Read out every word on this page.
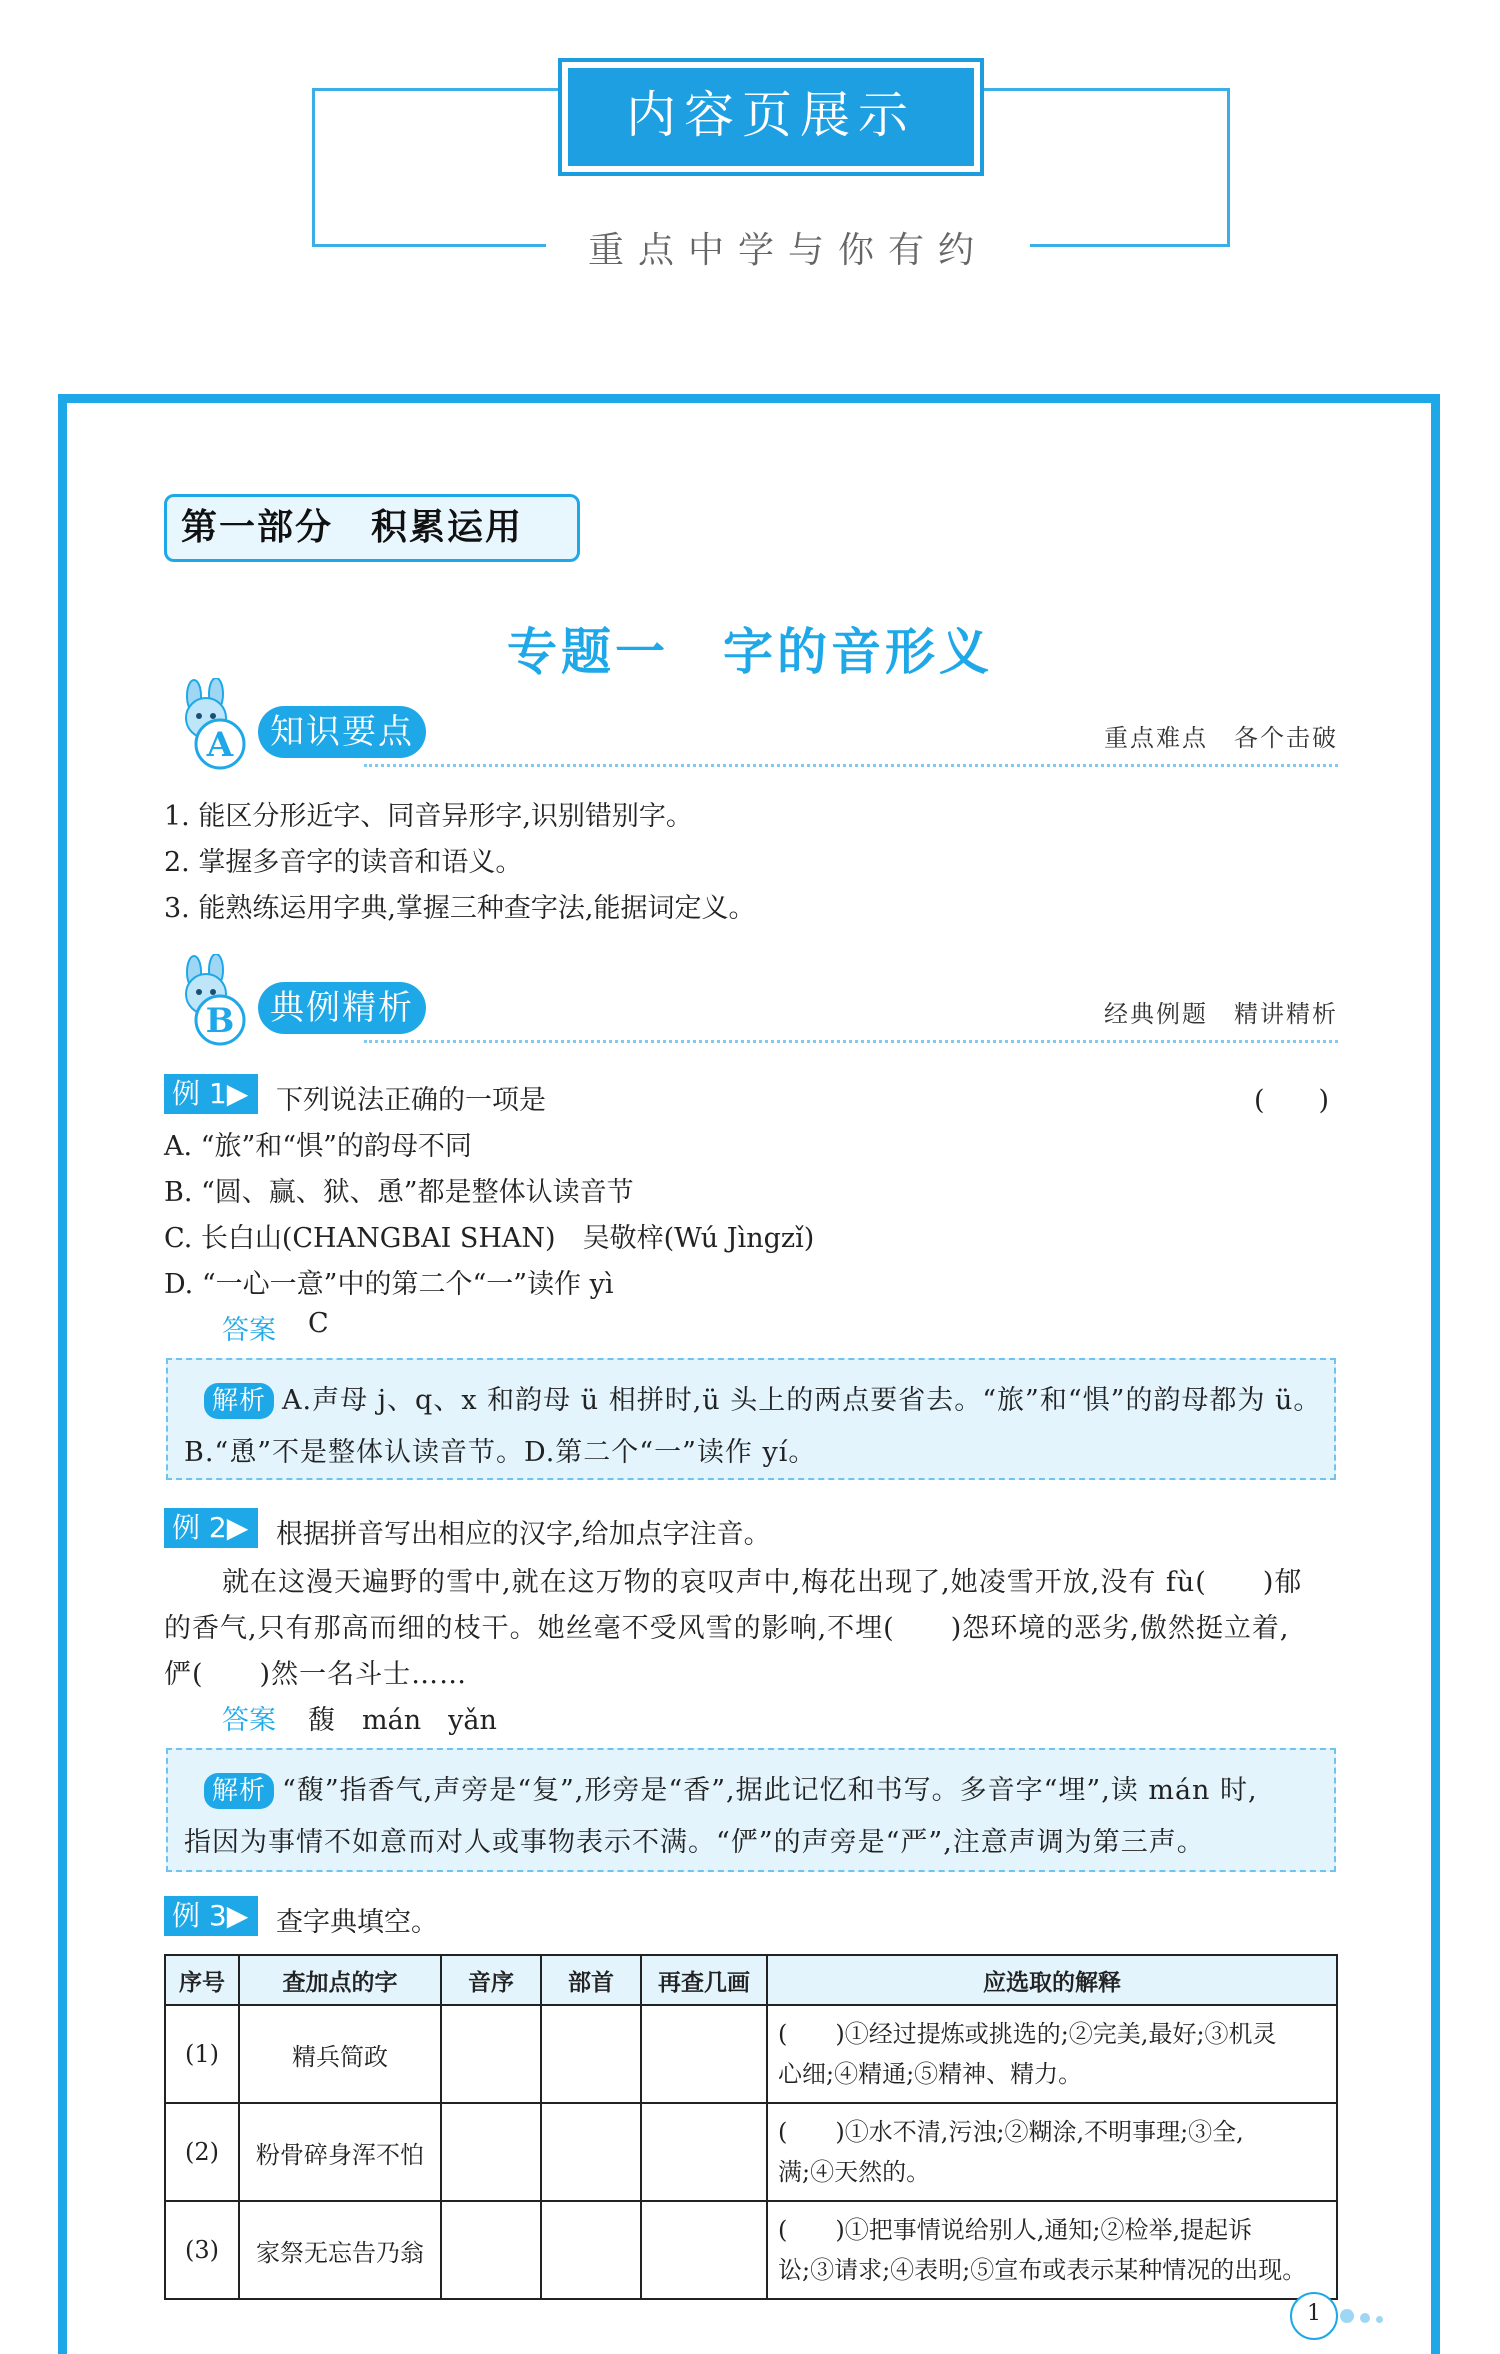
内容页展示
重点中学与你有约
第一部分　积累运用
专题一　字的音形义
A	知识要点	重点难点　各个击破
1. 能区分形近字、同音异形字,识别错别字。
2. 掌握多音字的读音和语义。
3. 能熟练运用字典,掌握三种查字法,能据词定义。
B	典例精析	经典例题　精讲精析
例 1▶	下列说法正确的一项是	(　　)
A. “旅”和“惧”的韵母不同
B. “圆、赢、狱、恿”都是整体认读音节
C. 长白山(CHANGBAI SHAN)　吴敬梓(Wú Jìngzǐ)
D. “一心一意”中的第二个“一”读作 yì
答案 C
解析 A.声母 j、q、x 和韵母 ü 相拼时,ü 头上的两点要省去。“旅”和“惧”的韵母都为 ü。
B.“恿”不是整体认读音节。D.第二个“一”读作 yí。
例 2▶	根据拼音写出相应的汉字,给加点字注音。
就在这漫天遍野的雪中,就在这万物的哀叹声中,梅花出现了,她凌雪开放,没有 fù(　　)郁
的香气,只有那高而细的枝干。她丝毫不受风雪的影响,不埋(　　)怨环境的恶劣,傲然挺立着,
俨(　　)然一名斗士……
答案 馥　mán　yǎn
解析 “馥”指香气,声旁是“复”,形旁是“香”,据此记忆和书写。多音字“埋”,读 mán 时,
指因为事情不如意而对人或事物表示不满。“俨”的声旁是“严”,注意声调为第三声。
例 3▶	查字典填空。
序号	查加点的字	音序	部首	再查几画	应选取的解释
(1)	精兵简政				(　　)①经过提炼或挑选的;②完美,最好;③机灵
心细;④精通;⑤精神、精力。

(2)	粉骨碎身浑不怕				(　　)①水不清,污浊;②糊涂,不明事理;③全,
满;④天然的。

(3)	家祭无忘告乃翁				(　　)①把事情说给别人,通知;②检举,提起诉
讼;③请求;④表明;⑤宣布或表示某种情况的出现。
1
